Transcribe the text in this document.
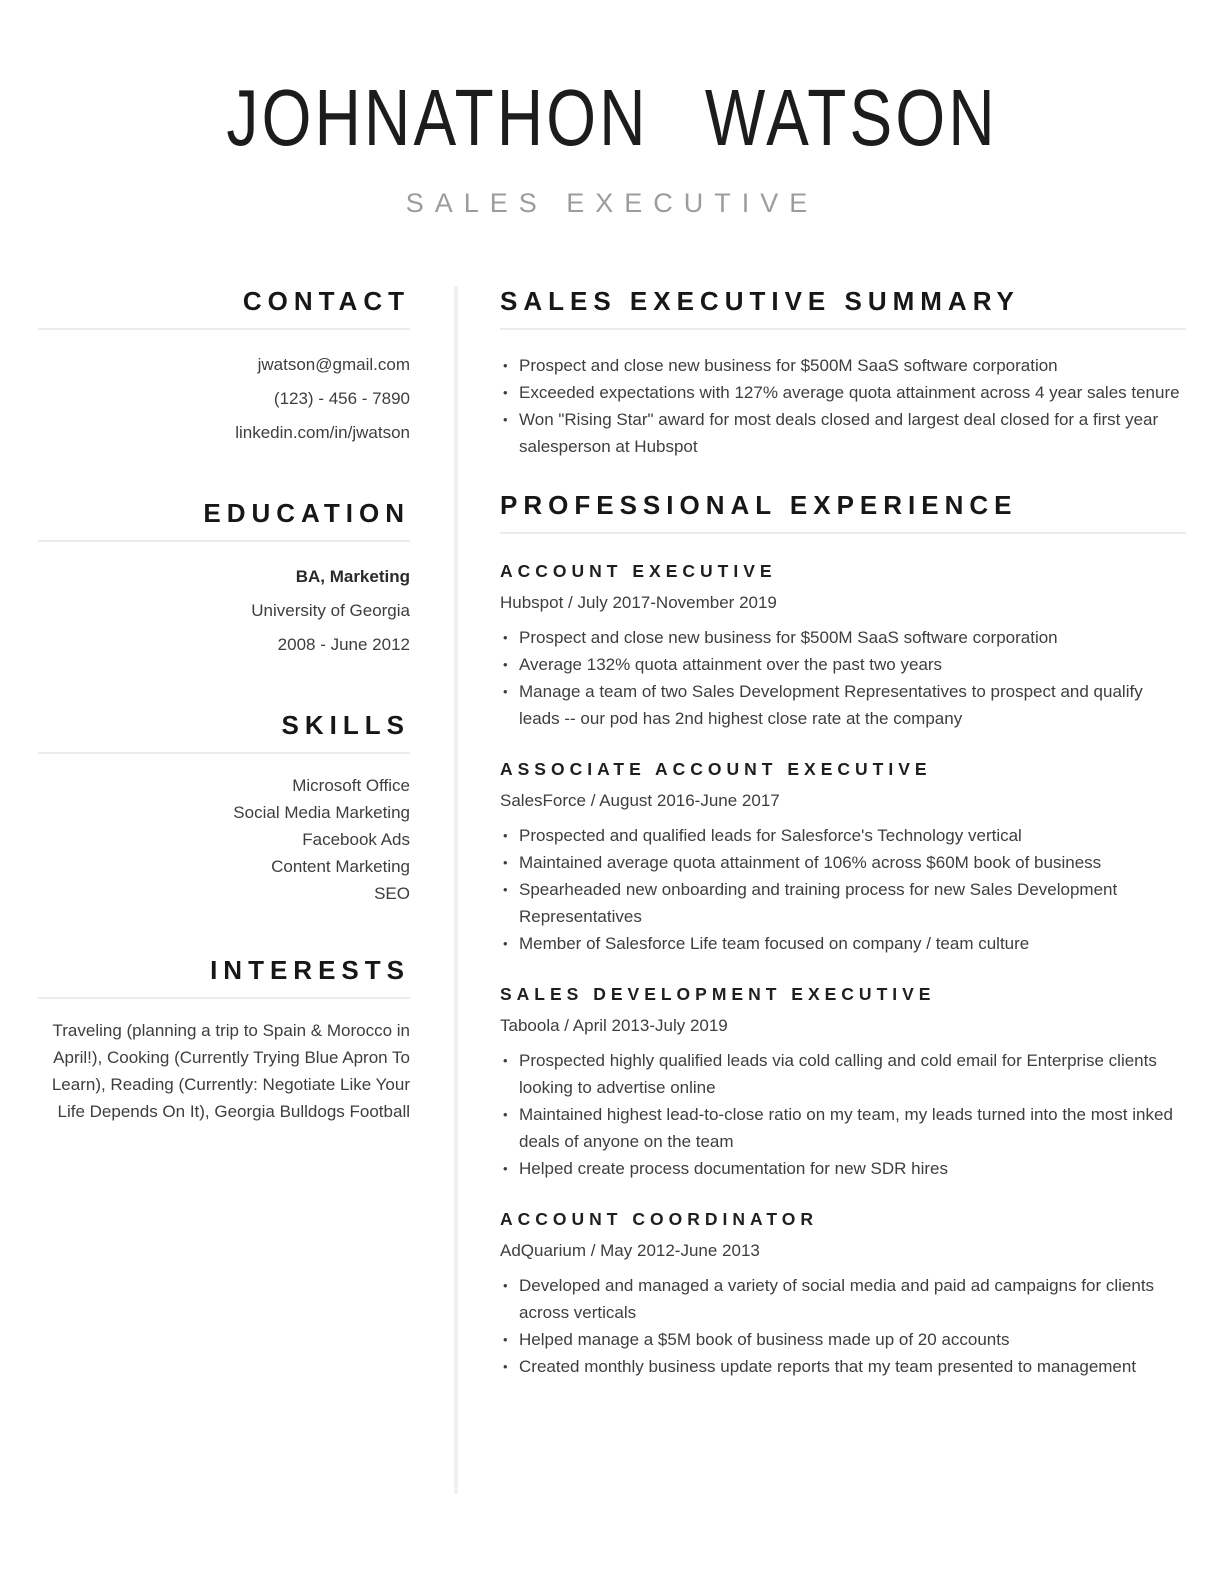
JOHNATHON WATSON
SALES EXECUTIVE
CONTACT
jwatson@gmail.com
(123) - 456 - 7890
linkedin.com/in/jwatson
EDUCATION
BA, Marketing
University of Georgia
2008 - June 2012
SKILLS
Microsoft Office
Social Media Marketing
Facebook Ads
Content Marketing
SEO
INTERESTS

Traveling (planning a trip to Spain & Morocco in April!), Cooking (Currently Trying Blue Apron To Learn), Reading (Currently: Negotiate Like Your Life Depends On It), Georgia Bulldogs Football

SALES EXECUTIVE SUMMARY
• Prospect and close new business for $500M SaaS software corporation
• Exceeded expectations with 127% average quota attainment across 4 year sales tenure
• Won "Rising Star" award for most deals closed and largest deal closed for a first year salesperson at Hubspot
PROFESSIONAL EXPERIENCE
ACCOUNT EXECUTIVE
Hubspot / July 2017-November 2019
• Prospect and close new business for $500M SaaS software corporation
• Average 132% quota attainment over the past two years
• Manage a team of two Sales Development Representatives to prospect and qualify leads -- our pod has 2nd highest close rate at the company
ASSOCIATE ACCOUNT EXECUTIVE
SalesForce / August 2016-June 2017
• Prospected and qualified leads for Salesforce's Technology vertical
• Maintained average quota attainment of 106% across $60M book of business
• Spearheaded new onboarding and training process for new Sales Development Representatives
• Member of Salesforce Life team focused on company / team culture
SALES DEVELOPMENT EXECUTIVE
Taboola / April 2013-July 2019
• Prospected highly qualified leads via cold calling and cold email for Enterprise clients looking to advertise online
• Maintained highest lead-to-close ratio on my team, my leads turned into the most inked deals of anyone on the team
• Helped create process documentation for new SDR hires
ACCOUNT COORDINATOR
AdQuarium / May 2012-June 2013
• Developed and managed a variety of social media and paid ad campaigns for clients across verticals
• Helped manage a $5M book of business made up of 20 accounts
• Created monthly business update reports that my team presented to management
